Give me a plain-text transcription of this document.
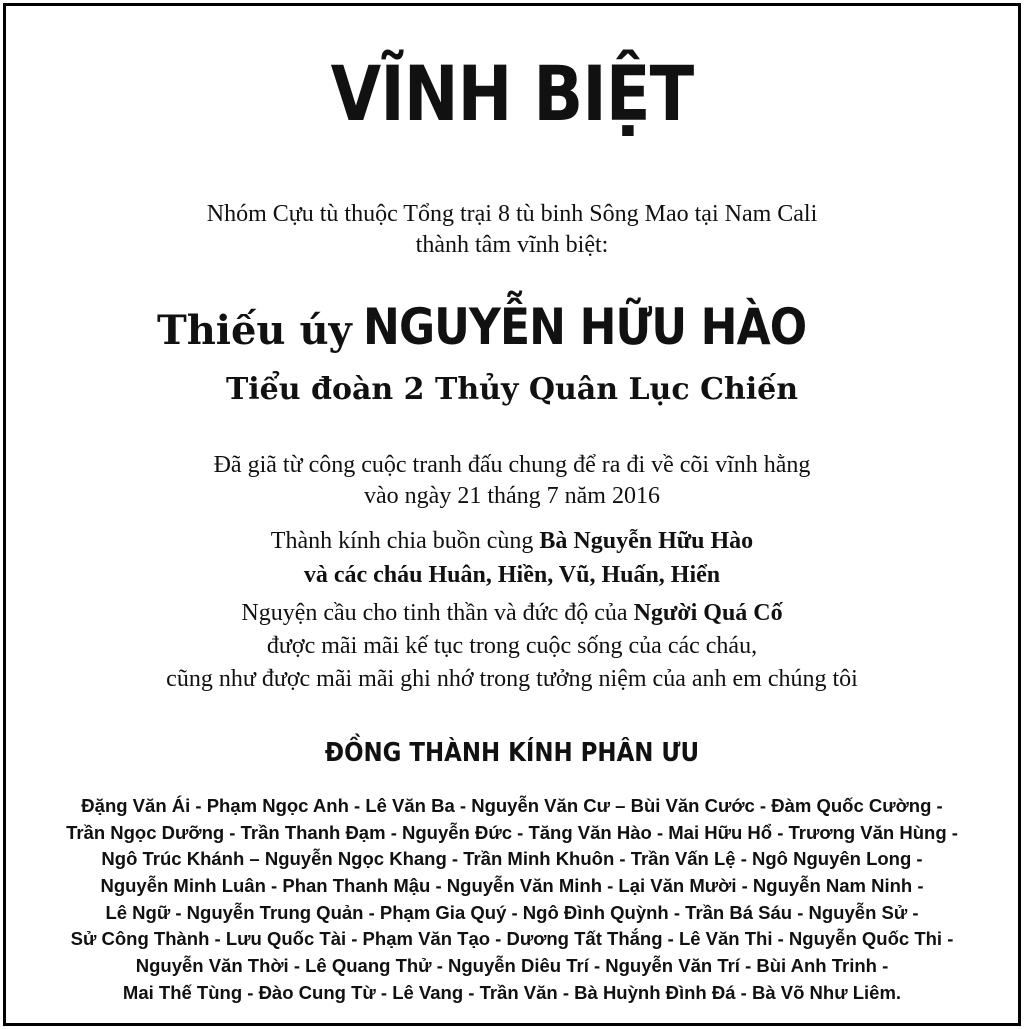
VĨNH BIỆT
Nhóm Cựu tù thuộc Tổng trại 8 tù binh Sông Mao tại Nam Cali
thành tâm vĩnh biệt:
Thiếu úy NGUYỄN HỮU HÀO
Tiểu đoàn 2 Thủy Quân Lục Chiến
Đã giã từ công cuộc tranh đấu chung để ra đi về cõi vĩnh hằng
vào ngày 21 tháng 7 năm 2016
Thành kính chia buồn cùng Bà Nguyễn Hữu Hào
và các cháu Huân, Hiền, Vũ, Huấn, Hiển
Nguyện cầu cho tinh thần và đức độ của Người Quá Cố
được mãi mãi kế tục trong cuộc sống của các cháu,
cũng như được mãi mãi ghi nhớ trong tưởng niệm của anh em chúng tôi
ĐỒNG THÀNH KÍNH PHÂN ƯU
Đặng Văn Ái - Phạm Ngọc Anh - Lê Văn Ba - Nguyễn Văn Cư – Bùi Văn Cước - Đàm Quốc Cường -
Trần Ngọc Dưỡng - Trần Thanh Đạm - Nguyễn Đức - Tăng Văn Hào - Mai Hữu Hổ - Trương Văn Hùng -
Ngô Trúc Khánh – Nguyễn Ngọc Khang - Trần Minh Khuôn - Trần Vấn Lệ - Ngô Nguyên Long -
Nguyễn Minh Luân - Phan Thanh Mậu - Nguyễn Văn Minh - Lại Văn Mười - Nguyễn Nam Ninh -
Lê Ngữ - Nguyễn Trung Quản - Phạm Gia Quý - Ngô Đình Quỳnh - Trần Bá Sáu - Nguyễn Sử -
Sử Công Thành - Lưu Quốc Tài - Phạm Văn Tạo - Dương Tất Thắng - Lê Văn Thi - Nguyễn Quốc Thi -
Nguyễn Văn Thời - Lê Quang Thử - Nguyễn Diêu Trí - Nguyễn Văn Trí - Bùi Anh Trinh -
Mai Thế Tùng - Đào Cung Từ - Lê Vang - Trần Văn - Bà Huỳnh Đình Đá - Bà Võ Như Liêm.
